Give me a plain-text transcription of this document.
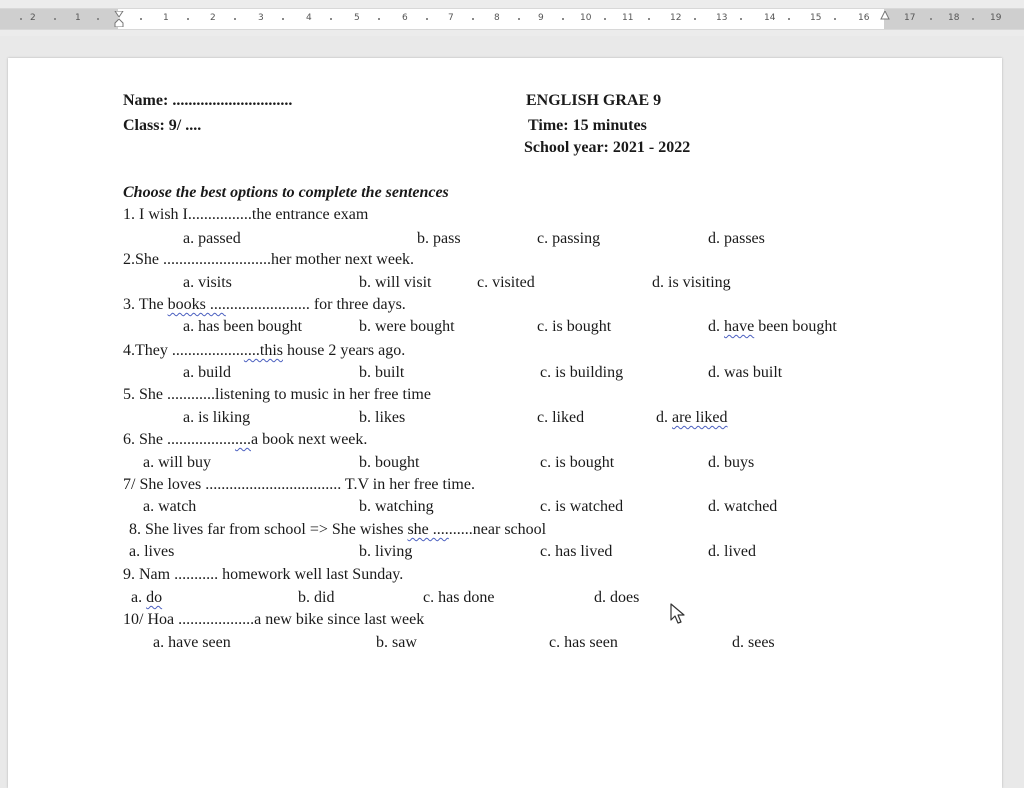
2	1	1	2	3	4	5	6	7	8	9	10	11	12	13	14	15	16	17	18	19
Name: ..............................
Class: 9/ ....
ENGLISH GRAE 9
Time: 15 minutes
School year: 2021 - 2022
Choose the best options to complete the sentences
1. I wish I................the entrance exam
a. passed	b. pass	c. passing	d. passes
2.She ...........................her mother next week.
a. visits	b. will visit	c. visited	d. is visiting
3. The books ......................... for three days.
a. has been bought	b. were bought	c. is bought	d. have been bought
4.They ......................this house 2 years ago.
a. build	b. built	c. is building	d. was built
5. She ............listening to music in her free time
a. is liking	b. likes	c. liked	d. are liked
6. She .....................a book next week.
a. will buy	b. bought	c. is bought	d. buys
7/ She loves .................................. T.V in her free time.
a. watch	b. watching	c. is watched	d. watched
8. She lives far from school => She wishes she ..........near school
a. lives	b. living	c. has lived	d. lived
9. Nam ........... homework well last Sunday.
a. do	b. did	c. has done	d. does
10/ Hoa ...................a new bike since last week
a. have seen	b. saw	c. has seen	d. sees
